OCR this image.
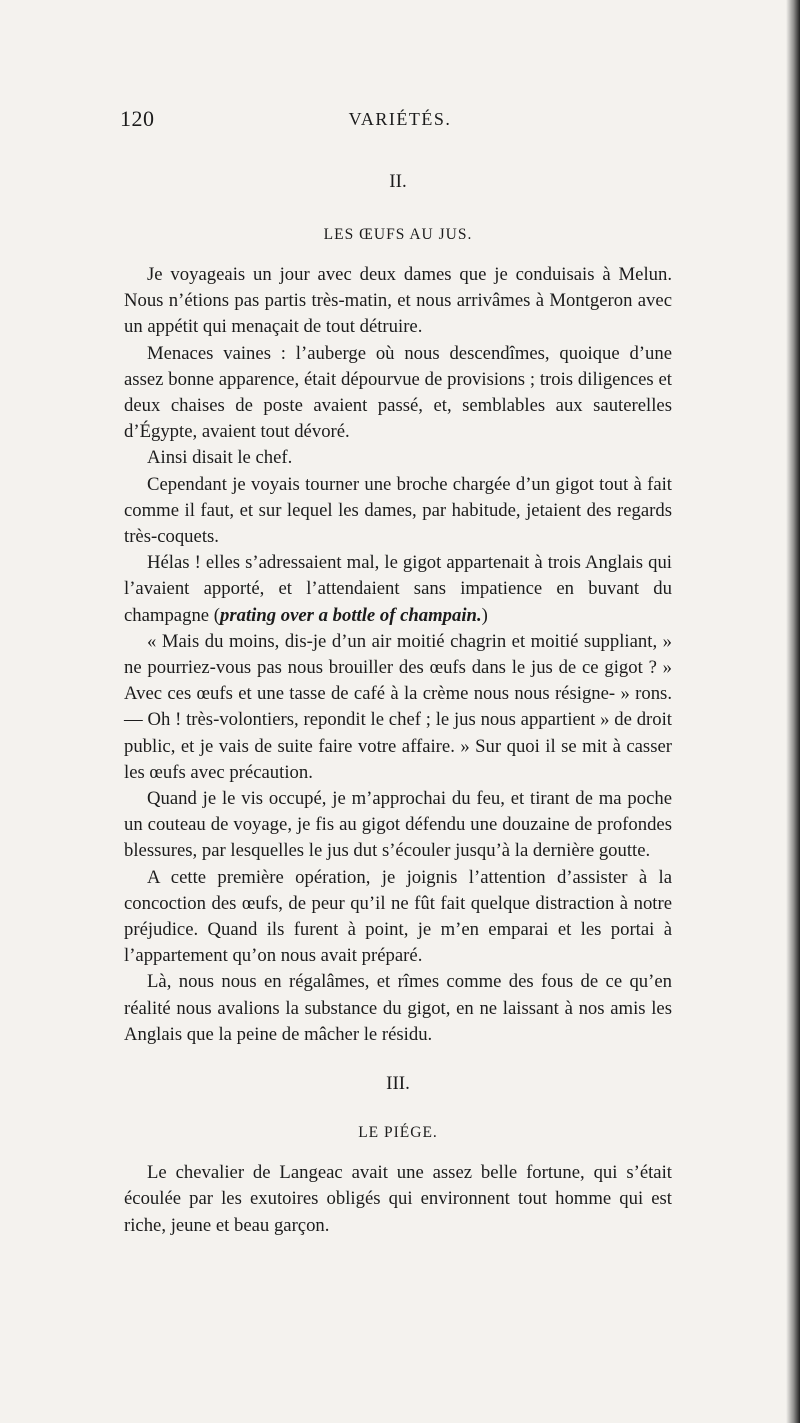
120	VARIÉTÉS.
II.
LES ŒUFS AU JUS.

Je voyageais un jour avec deux dames que je conduisais à Melun. Nous n’étions pas partis très-matin, et nous arrivâmes à Montgeron avec un appétit qui menaçait de tout détruire.

Menaces vaines : l’auberge où nous descendîmes, quoique d’une assez bonne apparence, était dépourvue de provisions ; trois diligences et deux chaises de poste avaient passé, et, semblables aux sauterelles d’Égypte, avaient tout dévoré.

Ainsi disait le chef.

Cependant je voyais tourner une broche chargée d’un gigot tout à fait comme il faut, et sur lequel les dames, par habitude, jetaient des regards très-coquets.

Hélas ! elles s’adressaient mal, le gigot appartenait à trois Anglais qui l’avaient apporté, et l’attendaient sans impatience en buvant du champagne (prating over a bottle of champain.)

« Mais du moins, dis-je d’un air moitié chagrin et moitié suppliant, » ne pourriez-vous pas nous brouiller des œufs dans le jus de ce gigot ? » Avec ces œufs et une tasse de café à la crème nous nous résigne- » rons. — Oh ! très-volontiers, repondit le chef ; le jus nous appartient » de droit public, et je vais de suite faire votre affaire. » Sur quoi il se mit à casser les œufs avec précaution.

Quand je le vis occupé, je m’approchai du feu, et tirant de ma poche un couteau de voyage, je fis au gigot défendu une douzaine de profondes blessures, par lesquelles le jus dut s’écouler jusqu’à la dernière goutte.

A cette première opération, je joignis l’attention d’assister à la concoction des œufs, de peur qu’il ne fût fait quelque distraction à notre préjudice. Quand ils furent à point, je m’en emparai et les portai à l’appartement qu’on nous avait préparé.

Là, nous nous en régalâmes, et rîmes comme des fous de ce qu’en réalité nous avalions la substance du gigot, en ne laissant à nos amis les Anglais que la peine de mâcher le résidu.

III.
LE PIÉGE.

Le chevalier de Langeac avait une assez belle fortune, qui s’était écoulée par les exutoires obligés qui environnent tout homme qui est riche, jeune et beau garçon.
